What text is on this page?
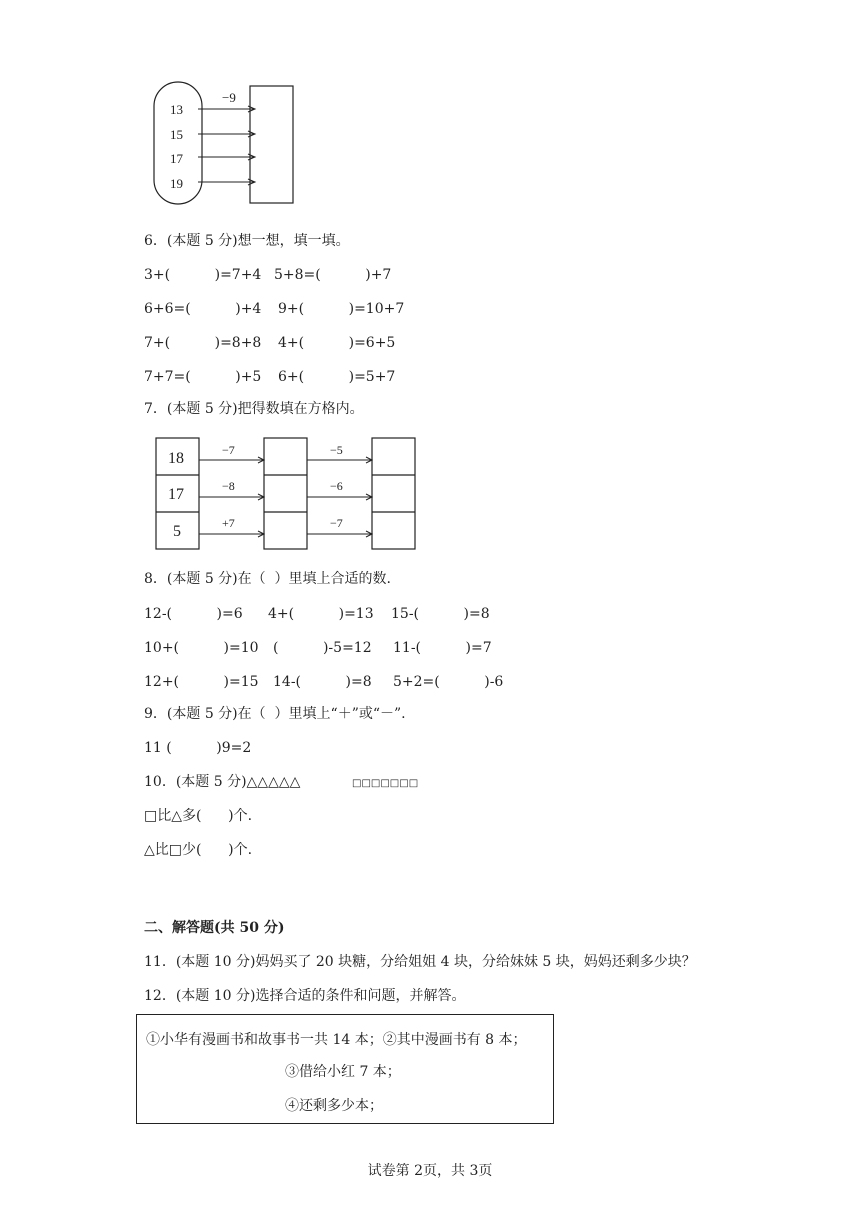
−9
13
15
17
19
6．(本题 5 分)想一想，填一填。
3+(          )=7+4 5+8=(          )+7
6+6=(          )+4 9+(          )=10+7
7+(          )=8+8 4+(          )=6+5
7+7=(          )+5 6+(          )=5+7
7．(本题 5 分)把得数填在方格内。
18
17
5
−7	−5
−8	−6
+7	−7
8．(本题 5 分)在（  ）里填上合适的数.
12-(          )=6 4+(          )=13 15-(          )=8
10+(          )=10 (          )-5=12 11-(          )=7
12+(          )=15 14-(          )=8 5+2=(          )-6
9．(本题 5 分)在（  ）里填上“＋”或“－”.
11 (          )9=2
10．(本题 5 分)△△△△△	□□□□□□□
□比△多(      )个.
△比□少(      )个.
二、解答题(共 50 分)
11．(本题 10 分)妈妈买了 20 块糖，分给姐姐 4 块，分给妹妹 5 块，妈妈还剩多少块？
12．(本题 10 分)选择合适的条件和问题，并解答。
①小华有漫画书和故事书一共 14 本；②其中漫画书有 8 本；
③借给小红 7 本；
④还剩多少本；
试卷第 2页，共 3页
